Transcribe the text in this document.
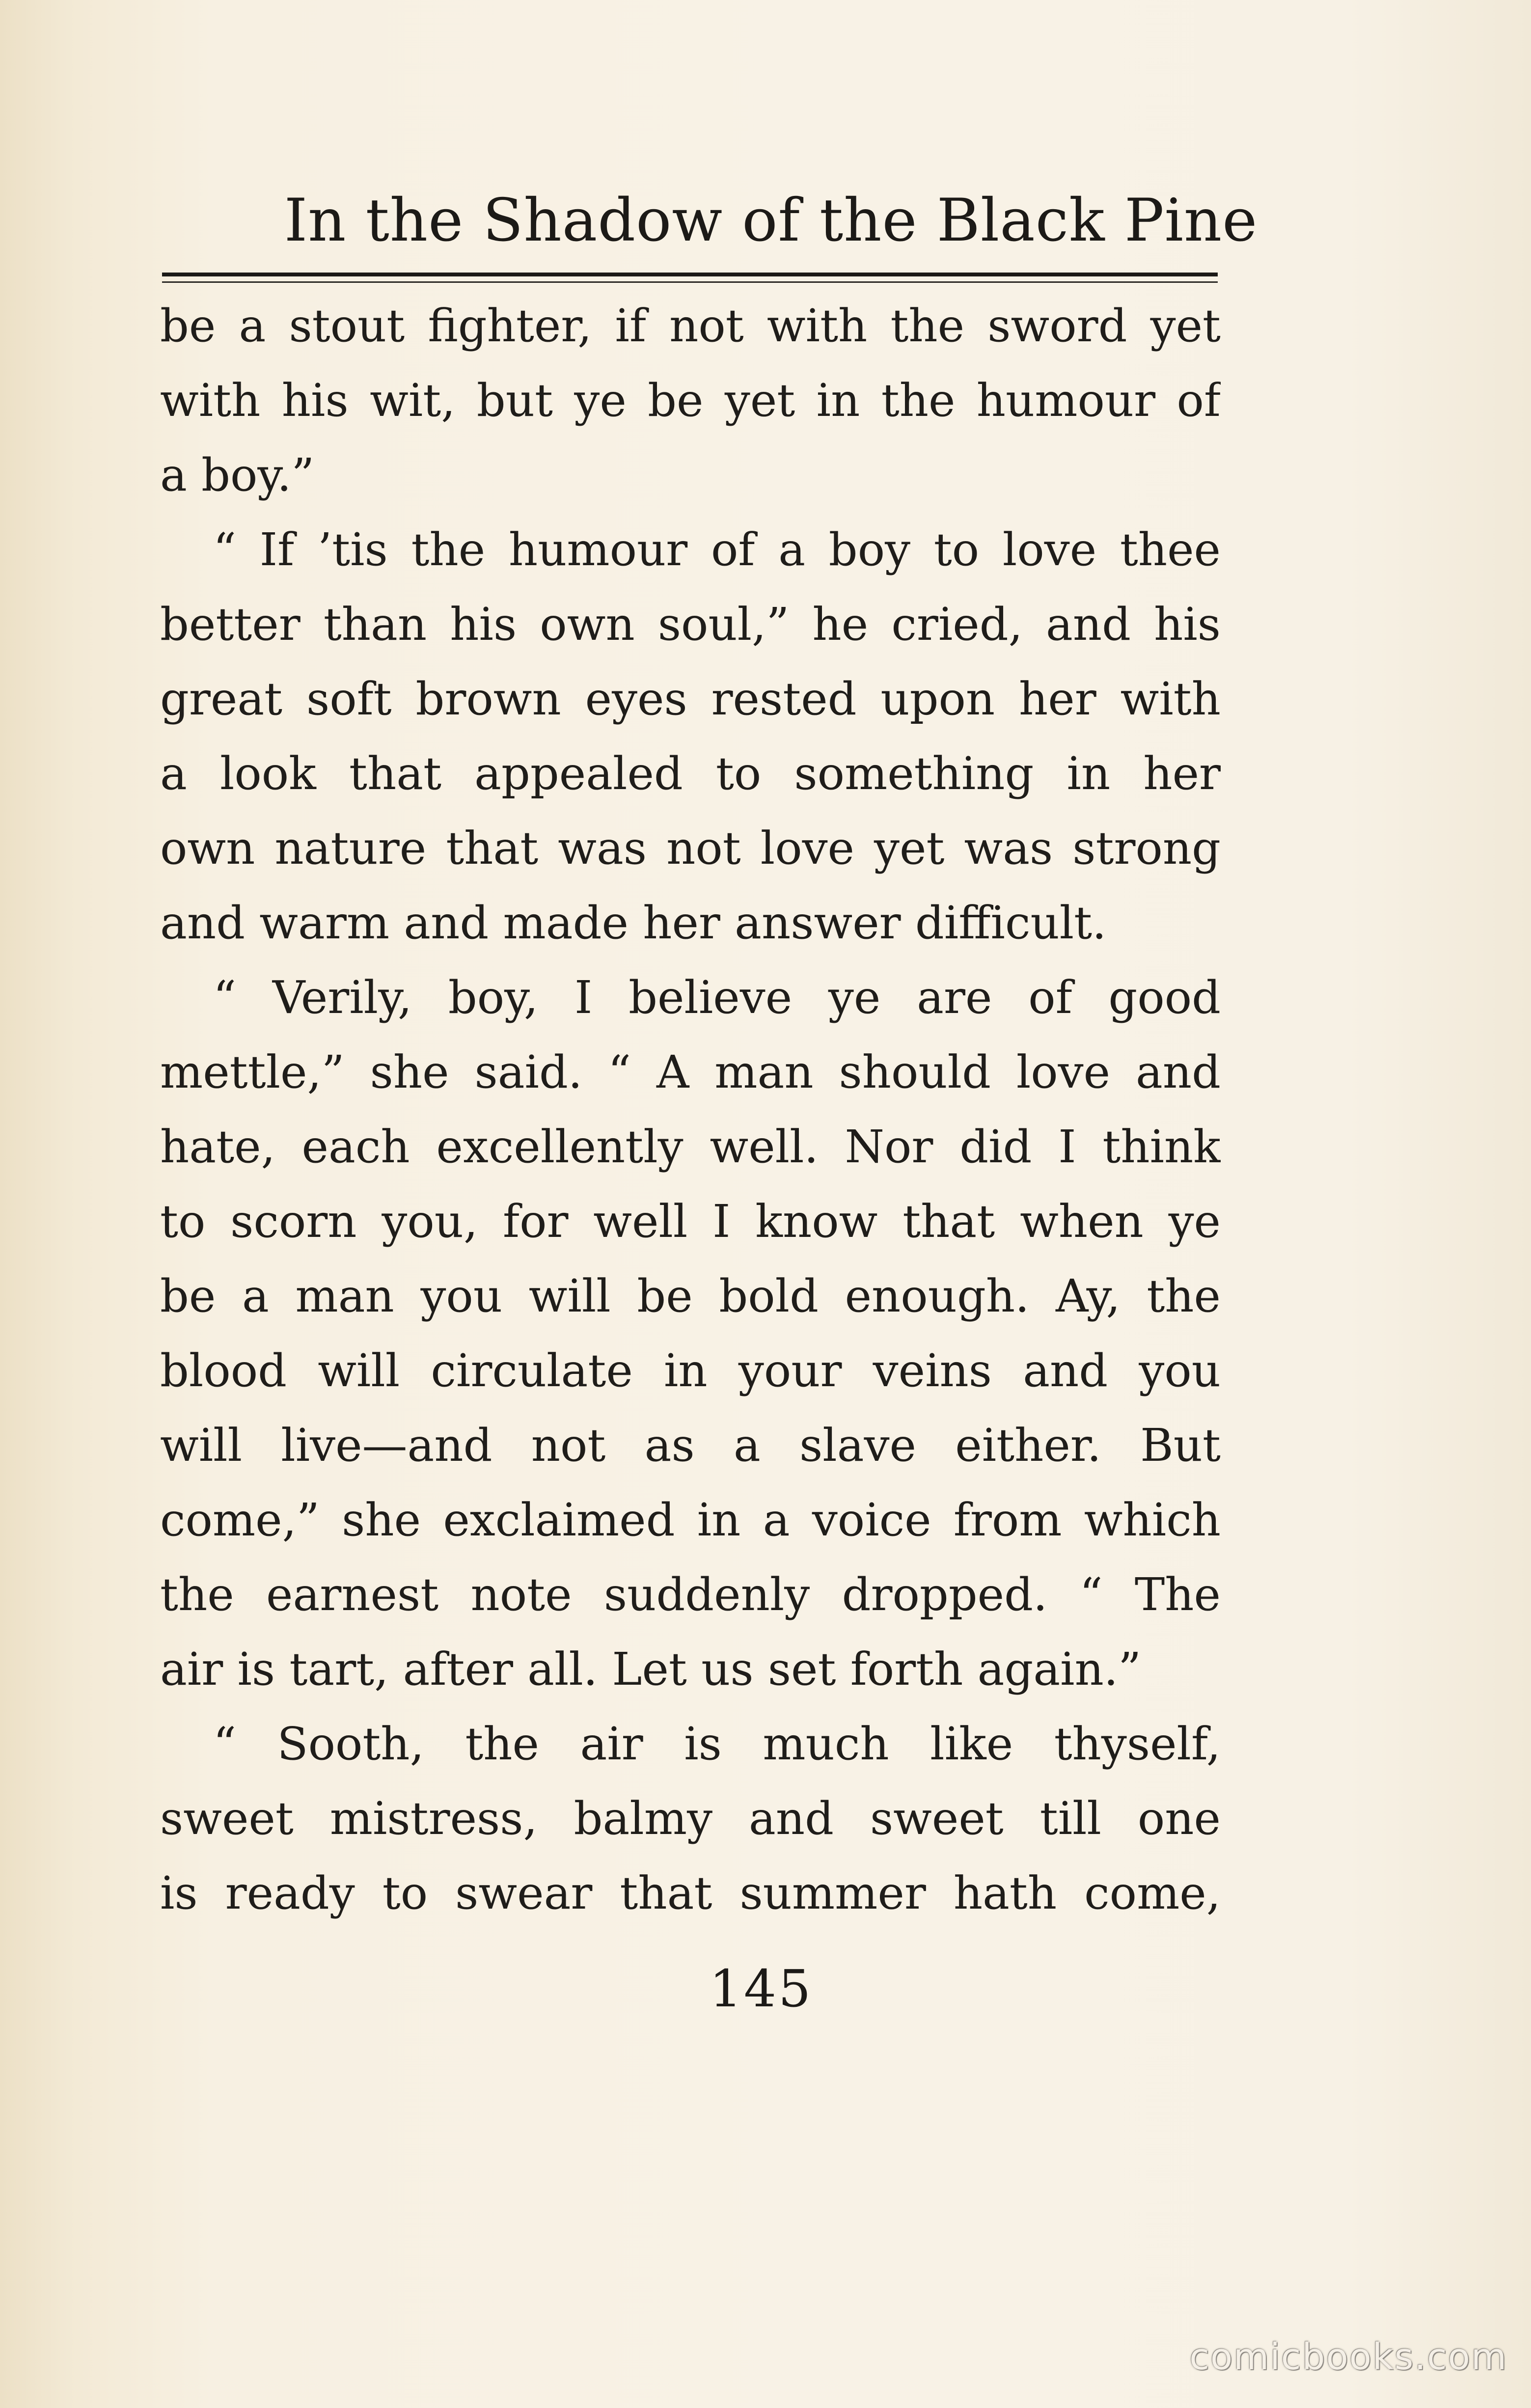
In the Shadow of the Black Pine
be a stout fighter, if not with the sword yet
with his wit, but ye be yet in the humour of
a boy.”
“ If ’tis the humour of a boy to love thee
better than his own soul,” he cried, and his
great soft brown eyes rested upon her with
a look that appealed to something in her
own nature that was not love yet was strong
and warm and made her answer difficult.
“ Verily, boy, I believe ye are of good
mettle,” she said. “ A man should love and
hate, each excellently well. Nor did I think
to scorn you, for well I know that when ye
be a man you will be bold enough. Ay, the
blood will circulate in your veins and you
will live—and not as a slave either. But
come,” she exclaimed in a voice from which
the earnest note suddenly dropped. “ The
air is tart, after all. Let us set forth again.”
“ Sooth, the air is much like thyself,
sweet mistress, balmy and sweet till one
is ready to swear that summer hath come,
145
comicbooks.com
